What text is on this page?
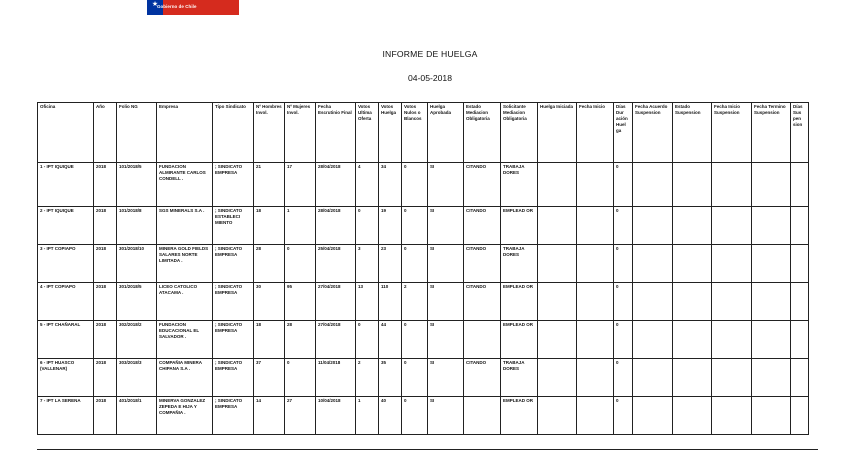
★
Gobierno de Chile
INFORME DE HUELGA
04-05-2018
Oficina	Año	Folio NG	Empresa	Tipo Sindicato	Nº Hombres Invol.	Nº Mujeres Invol.	Fecha Escrutinio Final	Votos Ultima Oferta	Votos Huelga	Votos Nulos o Blancos	Huelga Aprobada	Estado Mediacion Obligatoria	Solicitante Mediacion Obligatoria	Huelga Iniciada	Fecha Inicio	Días Dur ación Huel ga	Fecha Acuerdo Suspension	Estado Suspension	Fecha Inicio Suspension	Fecha Termino Suspension	Días Sus pen sion
1 - IPT IQUIQUE	2018	101/2018/5	FUNDACION ALMIRANTE CARLOS CONDELL .	; SINDICATO EMPRESA	21	17	28/04/2018	4	34	0	SI	CITANDO	TRABAJA DORES			0					
2 - IPT IQUIQUE	2018	101/2018/8	SGS MINERALS S.A .	; SINDICATO ESTABLECI MIENTO	18	1	28/04/2018	0	19	0	SI	CITANDO	EMPLEAD OR			0					
3 - IPT COPIAPO	2018	301/2018/10	MINERA GOLD FIELDS SALARES NORTE LIMITADA .	; SINDICATO EMPRESA	28	0	25/04/2018	3	23	0	SI	CITANDO	TRABAJA DORES			0					
4 - IPT COPIAPO	2018	301/2018/5	LICEO CATOLICO ATACAMA .	; SINDICATO EMPRESA	30	95	27/04/2018	13	110	2	SI	CITANDO	EMPLEAD OR			0					
5 - IPT CHAÑARAL	2018	302/2018/2	FUNDACION EDUCACIONAL EL SALVADOR .	; SINDICATO EMPRESA	18	28	27/04/2018	0	44	0	SI		EMPLEAD OR			0					
6 - IPT HUASCO (VALLENAR)	2018	303/2018/3	COMPAÑIA MINERA CHIPANA S.A .	; SINDICATO EMPRESA	37	0	11/04/2018	2	35	0	SI	CITANDO	TRABAJA DORES			0					
7 - IPT LA SERENA	2018	401/2018/1	MINERVA GONZALEZ ZEPEDA E HIJA Y COMPAÑIA .	; SINDICATO EMPRESA	14	27	10/04/2018	1	40	0	SI		EMPLEAD OR			0					
